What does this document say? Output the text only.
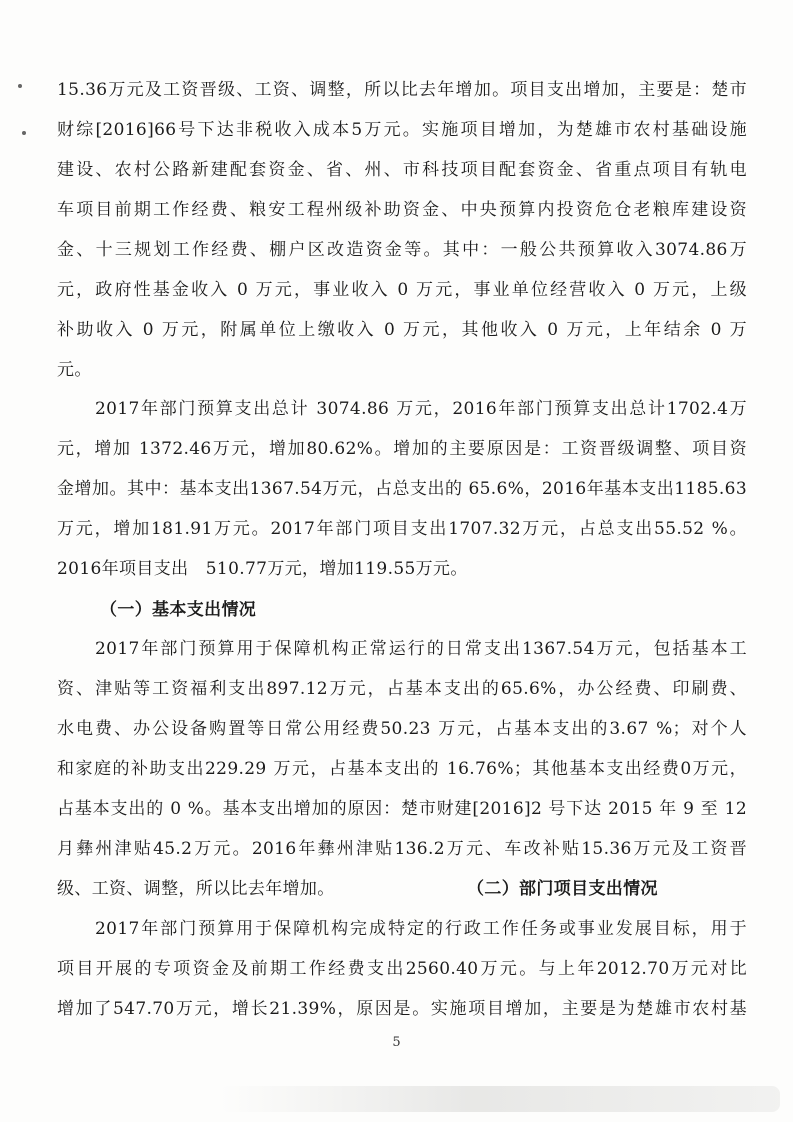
15.36万元及工资晋级、工资、调整，所以比去年增加。项目支出增加，主要是：楚市
财综[2016]66号下达非税收入成本5万元。实施项目增加，为楚雄市农村基础设施
建设、农村公路新建配套资金、省、州、市科技项目配套资金、省重点项目有轨电
车项目前期工作经费、粮安工程州级补助资金、中央预算内投资危仓老粮库建设资
金、十三规划工作经费、棚户区改造资金等。其中：一般公共预算收入3074.86万
元，政府性基金收入 0 万元，事业收入 0 万元，事业单位经营收入 0 万元，上级
补助收入 0 万元，附属单位上缴收入 0 万元，其他收入 0 万元，上年结余 0 万
元。
2017年部门预算支出总计 3074.86 万元，2016年部门预算支出总计1702.4万
元，增加 1372.46万元，增加80.62%。增加的主要原因是：工资晋级调整、项目资
金增加。其中：基本支出1367.54万元，占总支出的 65.6%，2016年基本支出1185.63
万元，增加181.91万元。2017年部门项目支出1707.32万元，占总支出55.52 %。
2016年项目支出　510.77万元，增加119.55万元。
（一）基本支出情况
2017年部门预算用于保障机构正常运行的日常支出1367.54万元，包括基本工
资、津贴等工资福利支出897.12万元，占基本支出的65.6%，办公经费、印刷费、
水电费、办公设备购置等日常公用经费50.23 万元，占基本支出的3.67 %；对个人
和家庭的补助支出229.29 万元，占基本支出的 16.76%；其他基本支出经费0万元，
占基本支出的 0 %。基本支出增加的原因：楚市财建[2016]2 号下达 2015 年 9 至 12
月彝州津贴45.2万元。2016年彝州津贴136.2万元、车改补贴15.36万元及工资晋
级、工资、调整，所以比去年增加。	（二）部门项目支出情况
2017年部门预算用于保障机构完成特定的行政工作任务或事业发展目标，用于
项目开展的专项资金及前期工作经费支出2560.40万元。与上年2012.70万元对比
增加了547.70万元，增长21.39%，原因是。实施项目增加，主要是为楚雄市农村基
5
